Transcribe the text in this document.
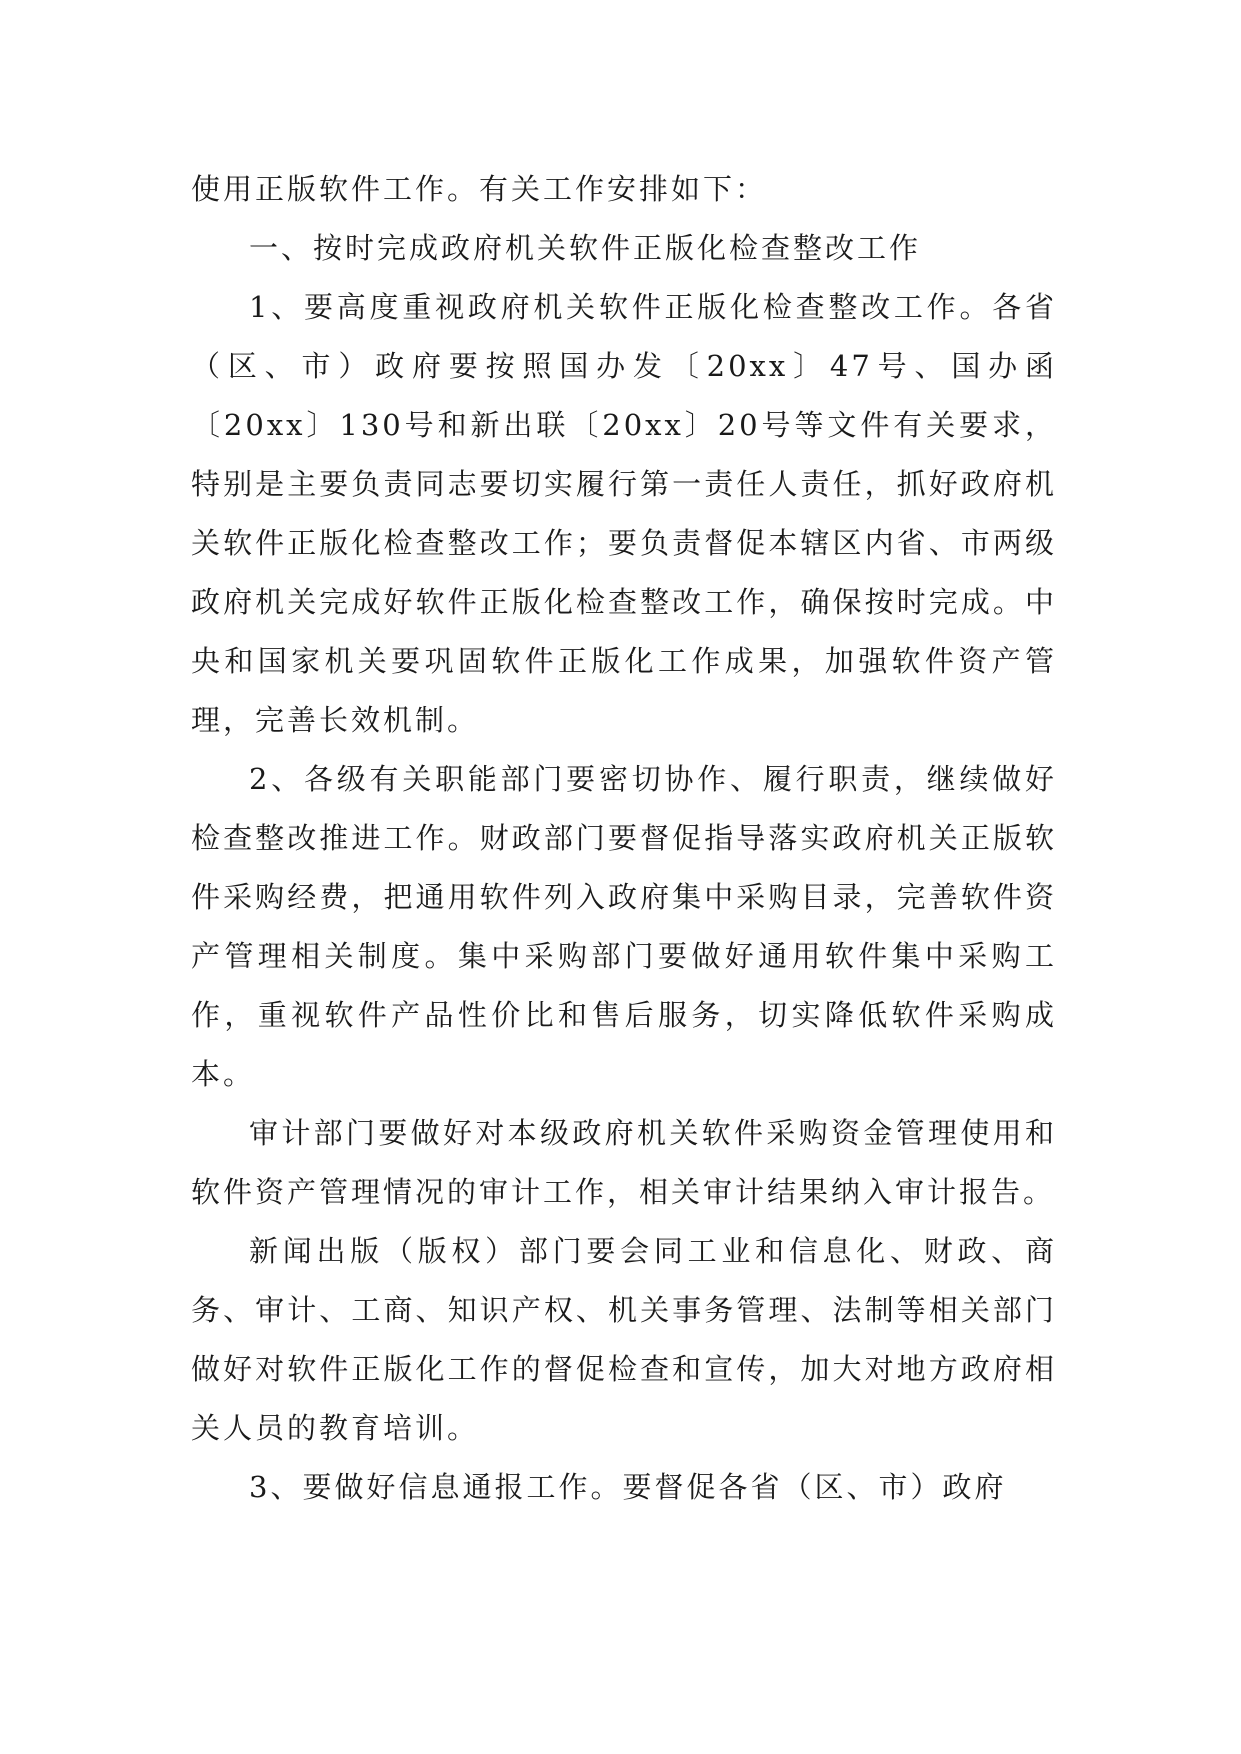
使用正版软件工作。有关工作安排如下：

一、按时完成政府机关软件正版化检查整改工作

1、要高度重视政府机关软件正版化检查整改工作。各省（区、市）政府要按照国办发〔20xx〕47号、国办函〔20xx〕130号和新出联〔20xx〕20号等文件有关要求，特别是主要负责同志要切实履行第一责任人责任，抓好政府机关软件正版化检查整改工作；要负责督促本辖区内省、市两级政府机关完成好软件正版化检查整改工作，确保按时完成。中央和国家机关要巩固软件正版化工作成果，加强软件资产管理，完善长效机制。

2、各级有关职能部门要密切协作、履行职责，继续做好检查整改推进工作。财政部门要督促指导落实政府机关正版软件采购经费，把通用软件列入政府集中采购目录，完善软件资产管理相关制度。集中采购部门要做好通用软件集中采购工作，重视软件产品性价比和售后服务，切实降低软件采购成本。

审计部门要做好对本级政府机关软件采购资金管理使用和软件资产管理情况的审计工作，相关审计结果纳入审计报告。

新闻出版（版权）部门要会同工业和信息化、财政、商务、审计、工商、知识产权、机关事务管理、法制等相关部门做好对软件正版化工作的督促检查和宣传，加大对地方政府相关人员的教育培训。

3、要做好信息通报工作。要督促各省（区、市）政府
